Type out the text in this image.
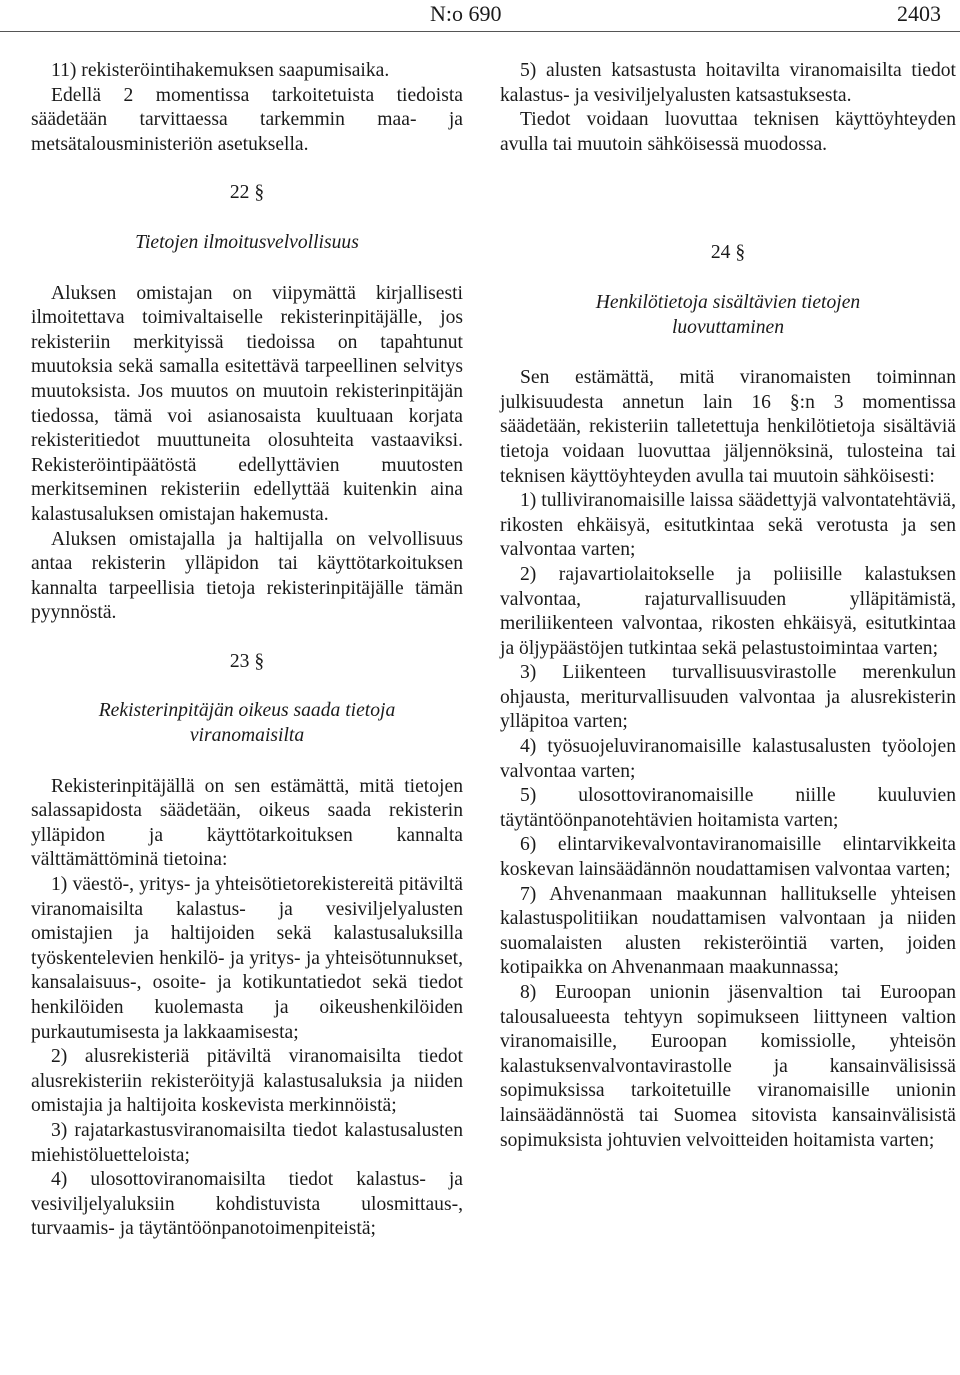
N:o 690	2403

11) rekisteröintihakemuksen saapumisaika.

Edellä 2 momentissa tarkoitetuista tiedoista säädetään tarvittaessa tarkemmin maa- ja metsätalousministeriön asetuksella.

22 §

Tietojen ilmoitusvelvollisuus

Aluksen omistajan on viipymättä kirjallisesti ilmoitettava toimivaltaiselle rekisterinpitäjälle, jos rekisteriin merkityissä tiedoissa on tapahtunut muutoksia sekä samalla esitettävä tarpeellinen selvitys muutoksista. Jos muutos on muutoin rekisterinpitäjän tiedossa, tämä voi asianosaista kuultuaan korjata rekisteritiedot muuttuneita olosuhteita vastaaviksi. Rekisteröintipäätöstä edellyttävien muutosten merkitseminen rekisteriin edellyttää kuitenkin aina kalastusaluksen omistajan hakemusta.

Aluksen omistajalla ja haltijalla on velvollisuus antaa rekisterin ylläpidon tai käyttötarkoituksen kannalta tarpeellisia tietoja rekisterinpitäjälle tämän pyynnöstä.

23 §

Rekisterinpitäjän oikeus saada tietoja
viranomaisilta

Rekisterinpitäjällä on sen estämättä, mitä tietojen salassapidosta säädetään, oikeus saada rekisterin ylläpidon ja käyttötarkoituksen kannalta välttämättöminä tietoina:

1) väestö-, yritys- ja yhteisötietorekistereitä pitäviltä viranomaisilta kalastus- ja vesiviljelyalusten omistajien ja haltijoiden sekä kalastusaluksilla työskentelevien henkilö- ja yritys- ja yhteisötunnukset, kansalaisuus-, osoite- ja kotikuntatiedot sekä tiedot henkilöiden kuolemasta ja oikeushenkilöiden purkautumisesta ja lakkaamisesta;

2) alusrekisteriä pitäviltä viranomaisilta tiedot alusrekisteriin rekisteröityjä kalastusaluksia ja niiden omistajia ja haltijoita koskevista merkinnöistä;

3) rajatarkastusviranomaisilta tiedot kalastusalusten miehistöluetteloista;

4) ulosottoviranomaisilta tiedot kalastus- ja vesiviljelyaluksiin kohdistuvista ulosmittaus-, turvaamis- ja täytäntöönpanotoimenpiteistä;

5) alusten katsastusta hoitavilta viranomaisilta tiedot kalastus- ja vesiviljelyalusten katsastuksesta.

Tiedot voidaan luovuttaa teknisen käyttöyhteyden avulla tai muutoin sähköisessä muodossa.

24 §

Henkilötietoja sisältävien tietojen
luovuttaminen

Sen estämättä, mitä viranomaisten toiminnan julkisuudesta annetun lain 16 §:n 3 momentissa säädetään, rekisteriin talletettuja henkilötietoja sisältäviä tietoja voidaan luovuttaa jäljennöksinä, tulosteina tai teknisen käyttöyhteyden avulla tai muutoin sähköisesti:

1) tulliviranomaisille laissa säädettyjä valvontatehtäviä, rikosten ehkäisyä, esitutkintaa sekä verotusta ja sen valvontaa varten;

2) rajavartiolaitokselle ja poliisille kalastuksen valvontaa, rajaturvallisuuden ylläpitämistä, meriliikenteen valvontaa, rikosten ehkäisyä, esitutkintaa ja öljypäästöjen tutkintaa sekä pelastustoimintaa varten;

3) Liikenteen turvallisuusvirastolle merenkulun ohjausta, meriturvallisuuden valvontaa ja alusrekisterin ylläpitoa varten;

4) työsuojeluviranomaisille kalastusalusten työolojen valvontaa varten;

5) ulosottoviranomaisille niille kuuluvien täytäntöönpanotehtävien hoitamista varten;

6) elintarvikevalvontaviranomaisille elintarvikkeita koskevan lainsäädännön noudattamisen valvontaa varten;

7) Ahvenanmaan maakunnan hallitukselle yhteisen kalastuspolitiikan noudattamisen valvontaan ja niiden suomalaisten alusten rekisteröintiä varten, joiden kotipaikka on Ahvenanmaan maakunnassa;

8) Euroopan unionin jäsenvaltion tai Euroopan talousalueesta tehtyyn sopimukseen liittyneen valtion viranomaisille, Euroopan komissiolle, yhteisön kalastuksenvalvontavirastolle ja kansainvälisissä sopimuksissa tarkoitetuille viranomaisille unionin lainsäädännöstä tai Suomea sitovista kansainvälisistä sopimuksista johtuvien velvoitteiden hoitamista varten;
